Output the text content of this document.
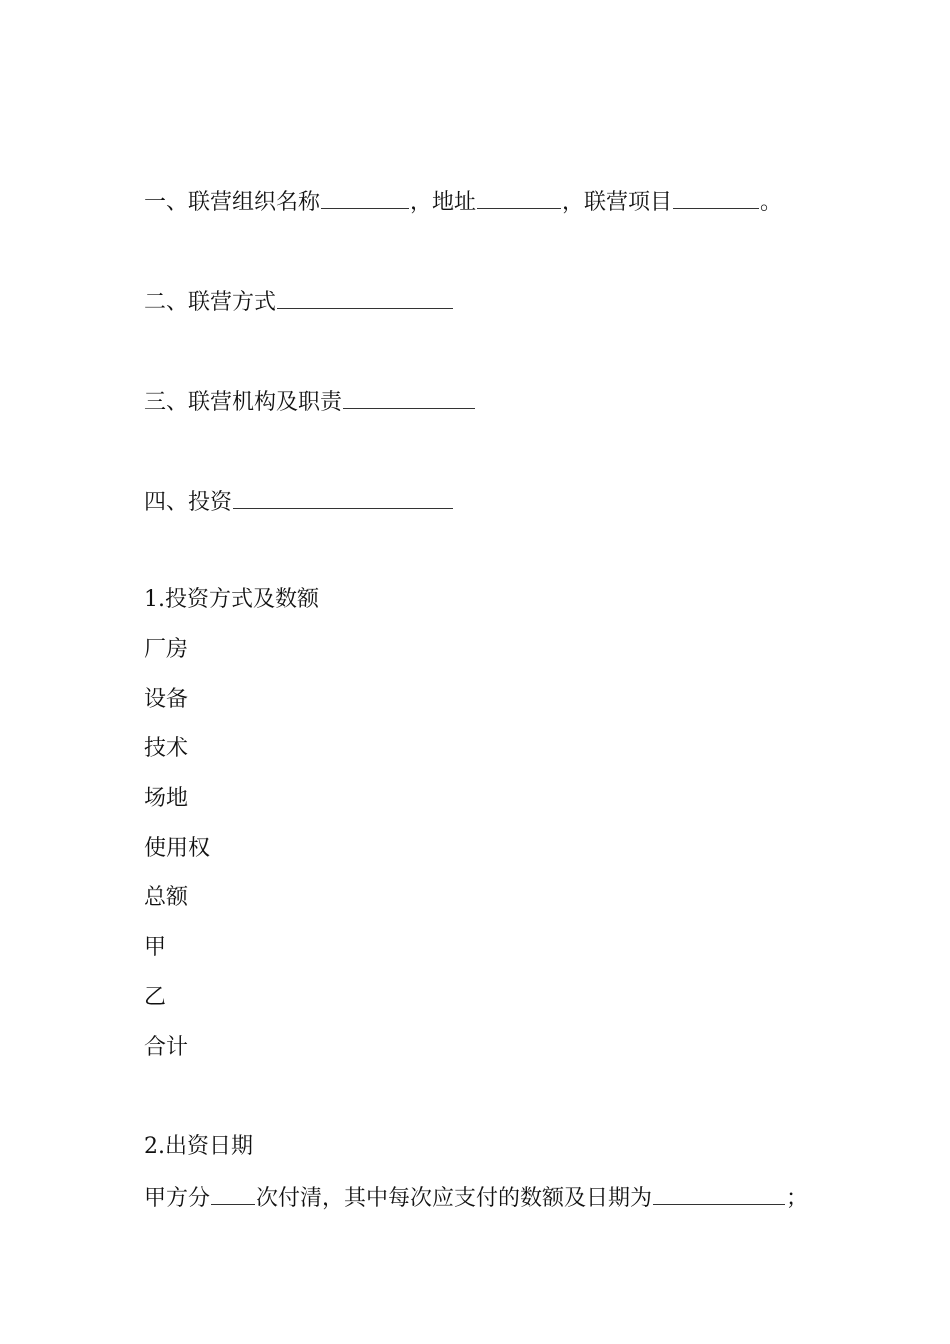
一、联营组织名称	，地址	，联营项目	。
二、联营方式
三、联营机构及职责
四、投资
1.投资方式及数额
厂房
设备
技术
场地
使用权
总额
甲
乙
合计
2.出资日期
甲方分 次付清，其中每次应支付的数额及日期为	；
